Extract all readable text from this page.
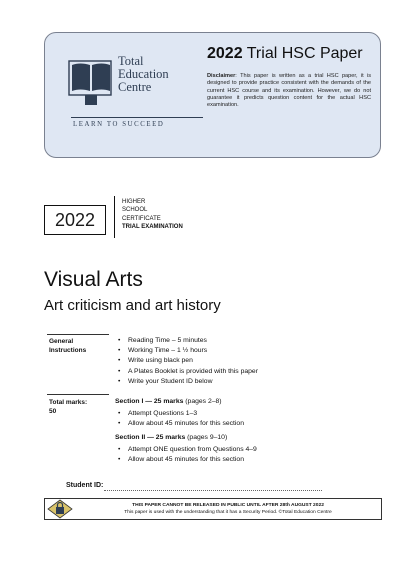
Total
Education
Centre
LEARN TO SUCCEED
2022 Trial HSC Paper
Disclaimer: This paper is written as a trial HSC paper, it is designed to provide practice consistent with the demands of the current HSC course and its examination. However, we do not guarantee it predicts question content for the actual HSC examination.
2022
HIGHER
SCHOOL
CERTIFICATE
TRIAL EXAMINATION
Visual Arts
Art criticism and art history
General
Instructions
• Reading Time – 5 minutes
• Working Time – 1 ½ hours
• Write using black pen
• A Plates Booklet is provided with this paper
• Write your Student ID below
Total marks:
50
Section I — 25 marks (pages 2–8)
• Attempt Questions 1–3
• Allow about 45 minutes for this section
Section II — 25 marks (pages 9–10)
• Attempt ONE question from Questions 4–9
• Allow about 45 minutes for this section
Student ID:
THIS PAPER CANNOT BE RELEASED IN PUBLIC UNTIL AFTER 28th AUGUST 2022
This paper is used with the understanding that it has a Security Period. ©Total Education Centre
